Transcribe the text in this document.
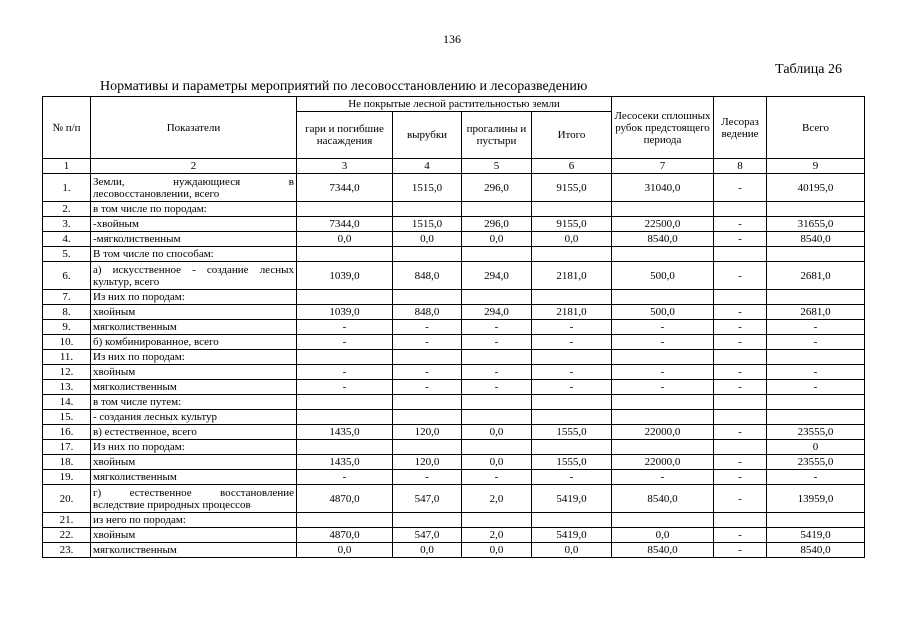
136
Таблица 26
Нормативы и параметры мероприятий по лесовосстановлению и лесоразведению
№ п/п	Показатели	Не покрытые лесной растительностью земли				Лесосеки сплошных рубок предстоящего периода	Лесораз ведение	Всего
		гари и погибшие насаждения	вырубки	прогалины и пустыри	Итого			
1	2	3	4	5	6	7	8	9
1.	Земли, нуждающиеся в лесовосстановлении, всего	7344,0	1515,0	296,0	9155,0	31040,0	-	40195,0
2.	в том числе по породам:							
3.	-хвойным	7344,0	1515,0	296,0	9155,0	22500,0	-	31655,0
4.	-мягколиственным	0,0	0,0	0,0	0,0	8540,0	-	8540,0
5.	В том числе по способам:							
6.	а) искусственное - создание лесных культур, всего	1039,0	848,0	294,0	2181,0	500,0	-	2681,0
7.	Из них по породам:							
8.	хвойным	1039,0	848,0	294,0	2181,0	500,0	-	2681,0
9.	мягколиственным	-	-	-	-	-	-	-
10.	б) комбинированное, всего	-	-	-	-	-	-	-
11.	Из них по породам:							
12.	хвойным	-	-	-	-	-	-	-
13.	мягколиственным	-	-	-	-	-	-	-
14.	в том числе путем:							
15.	- создания лесных культур							
16.	в) естественное, всего	1435,0	120,0	0,0	1555,0	22000,0	-	23555,0
17.	Из них по породам:							0
18.	хвойным	1435,0	120,0	0,0	1555,0	22000,0	-	23555,0
19.	мягколиственным	-	-	-	-	-	-	-
20.	г) естественное восстановление вследствие природных процессов	4870,0	547,0	2,0	5419,0	8540,0	-	13959,0
21.	из него по породам:							
22.	хвойным	4870,0	547,0	2,0	5419,0	0,0	-	5419,0
23.	мягколиственным	0,0	0,0	0,0	0,0	8540,0	-	8540,0
